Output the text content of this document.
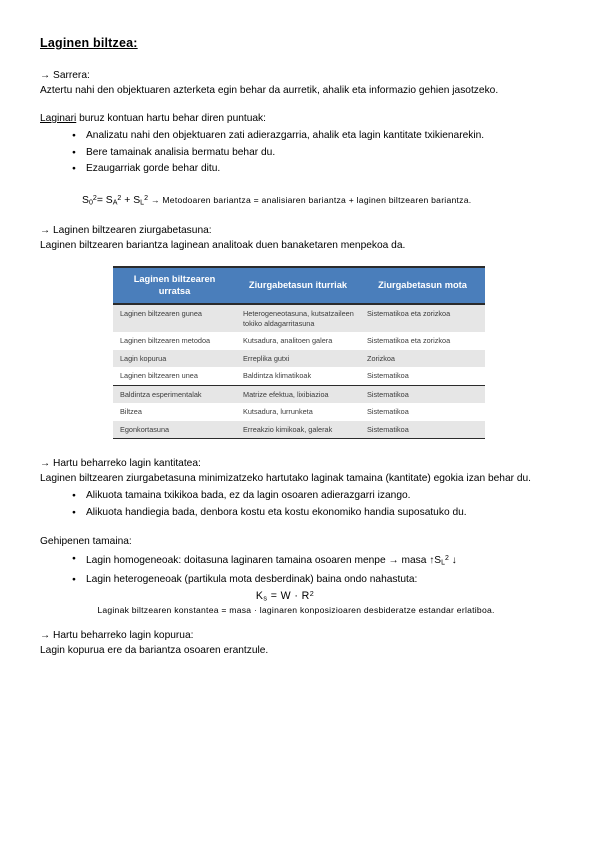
Laginen biltzea:

→ Sarrera:

Aztertu nahi den objektuaren azterketa egin behar da aurretik, ahalik eta informazio gehien jasotzeko.

Laginari buruz kontuan hartu behar diren puntuak:

● Analizatu nahi den objektuaren zati adierazgarria, ahalik eta lagin kantitate txikienarekin.
● Bere tamainak analisia bermatu behar du.
● Ezaugarriak gorde behar ditu.

$S_0^2= S_A^2 + S_L^2$ → Metodoaren bariantza = analisiaren bariantza + laginen biltzearen bariantza.

→ Laginen biltzearen ziurgabetasuna:

Laginen biltzearen bariantza laginean analitoak duen banaketaren menpekoa da.

Laginen biltzearen urratsa	Ziurgabetasun iturriak	Ziurgabetasun mota
Laginen biltzearen gunea	Heterogeneotasuna, kutsatzaileen tokiko aldagarritasuna	Sistematikoa eta zorizkoa
Laginen biltzearen metodoa	Kutsadura, analitoen galera	Sistematikoa eta zorizkoa
Lagin kopurua	Erreplika gutxi	Zorizkoa
Laginen biltzearen unea	Baldintza klimatikoak	Sistematikoa
Baldintza esperimentalak	Matrize efektua, lixibiazioa	Sistematikoa
Biltzea	Kutsadura, lurrunketa	Sistematikoa
Egonkortasuna	Erreakzio kimikoak, galerak	Sistematikoa

→ Hartu beharreko lagin kantitatea:

Laginen biltzearen ziurgabetasuna minimizatzeko hartutako laginak tamaina (kantitate) egokia izan behar du.

● Alikuota tamaina txikikoa bada, ez da lagin osoaren adierazgarri izango.
● Alikuota handiegia bada, denbora kostu eta kostu ekonomiko handia suposatuko du.

Gehipenen tamaina:

● Lagin homogeneoak: doitasuna laginaren tamaina osoaren menpe → masa $↑S_L^2$ ↓
● Lagin heterogeneoak (partikula mota desberdinak) baina ondo nahastuta:

$K_s = W \cdot R^2$

Laginak biltzearen konstantea = masa · laginaren konposizioaren desbideratze estandar erlatiboa.

→ Hartu beharreko lagin kopurua:

Lagin kopurua ere da bariantza osoaren erantzule.
